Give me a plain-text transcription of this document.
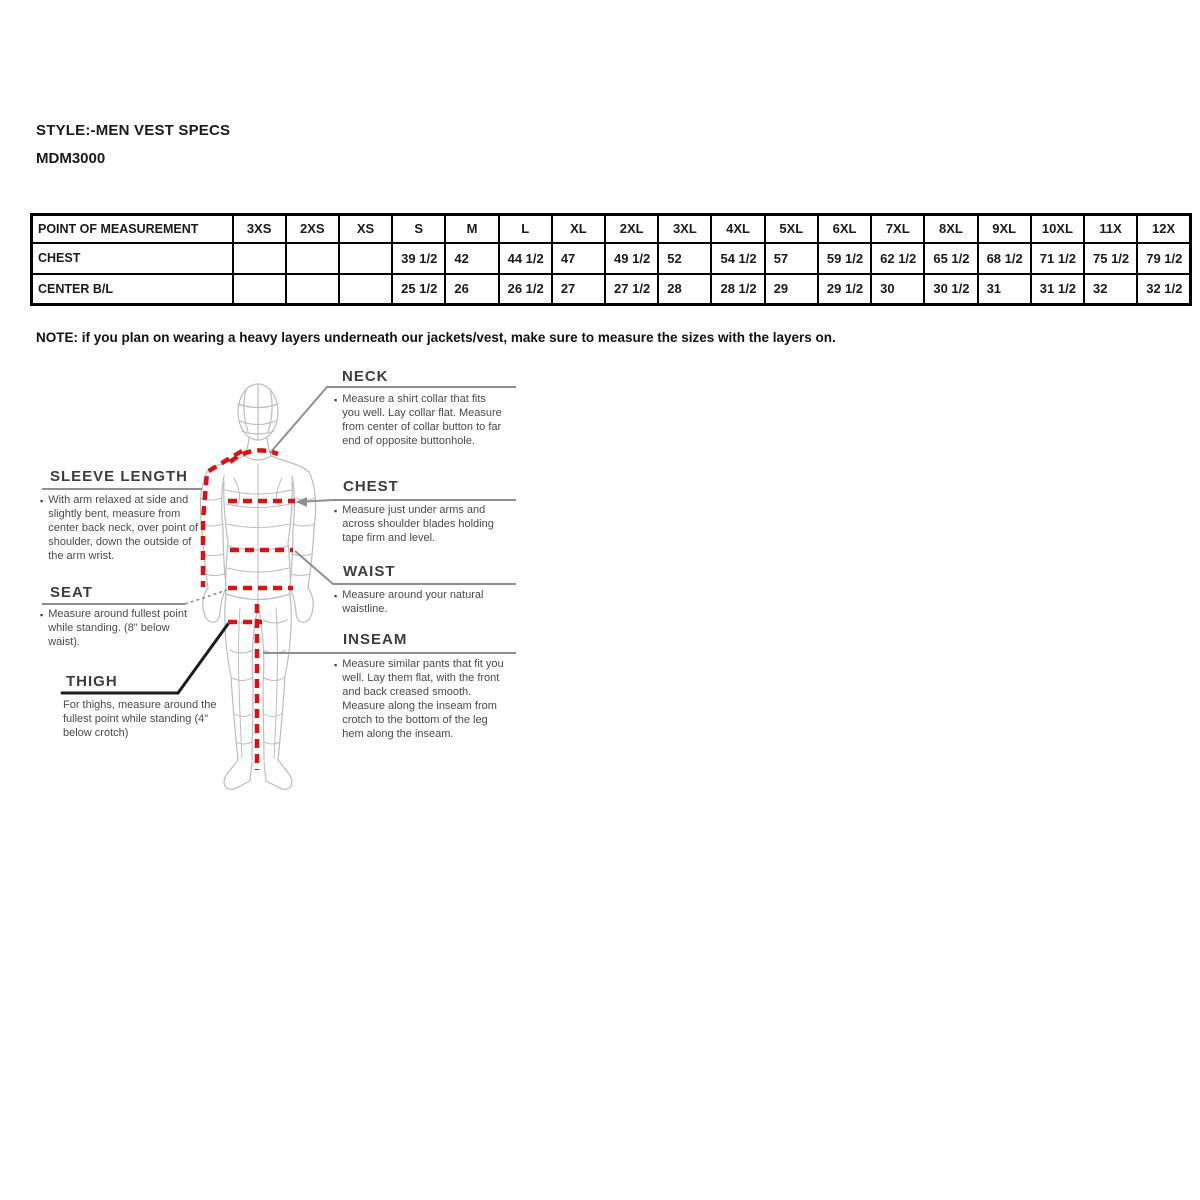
STYLE:-MEN VEST SPECS
MDM3000
POINT OF MEASUREMENT	3XS	2XS	XS	S	M	L	XL	2XL	3XL	4XL	5XL	6XL	7XL	8XL	9XL	10XL	11X	12X
CHEST				39 1/2	42	44 1/2	47	49 1/2	52	54 1/2	57	59 1/2	62 1/2	65 1/2	68 1/2	71 1/2	75 1/2	79 1/2
CENTER B/L				25 1/2	26	26 1/2	27	27 1/2	28	28 1/2	29	29 1/2	30	30 1/2	31	31 1/2	32	32 1/2
NOTE: if you plan on wearing a heavy layers underneath our jackets/vest, make sure to measure the sizes with the layers on.
NECK
▪ Measure a shirt collar that fits you well. Lay collar flat. Measure from center of collar button to far end of opposite buttonhole.
CHEST
▪ Measure just under arms and across shoulder blades holding tape firm and level.
WAIST
▪ Measure around your natural waistline.
INSEAM
▪ Measure similar pants that fit you well. Lay them flat, with the front and back creased smooth. Measure along the inseam from crotch to the bottom of the leg hem along the inseam.
SLEEVE LENGTH
▪ With arm relaxed at side and slightly bent, measure from center back neck, over point of shoulder, down the outside of the arm wrist.
SEAT
▪ Measure around fullest point while standing. (8" below waist).
THIGH
For thighs, measure around the fullest point while standing (4" below crotch)
